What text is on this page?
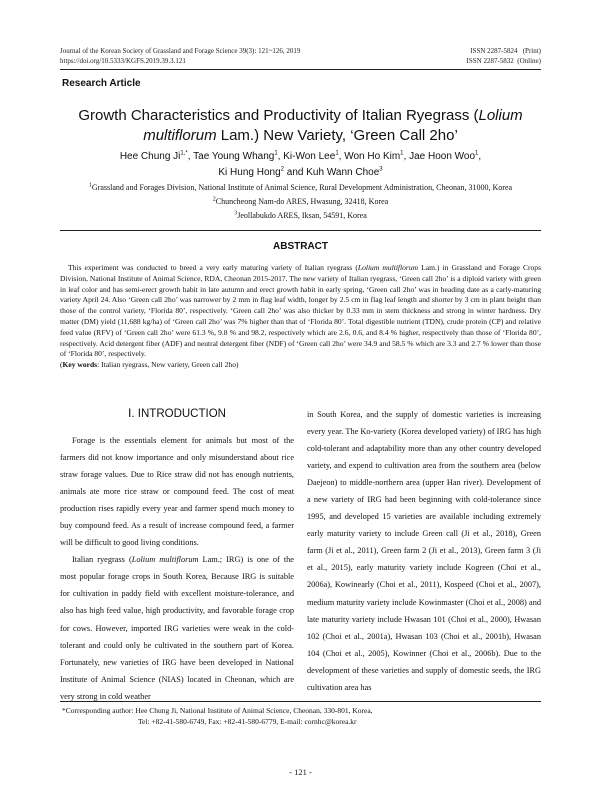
Journal of the Korean Society of Grassland and Forage Science 39(3): 121~126, 2019
https://doi.org/10.5333/KGFS.2019.39.3.121
ISSN 2287-5824   (Print)
ISSN 2287-5832  (Online)
Research Article
Growth Characteristics and Productivity of Italian Ryegrass (Lolium
multiflorum Lam.) New Variety, ‘Green Call 2ho’
Hee Chung $Ji^{1,*}$, Tae Young Whang$^1$, Ki-Won Lee$^1$, Won Ho Kim$^1$, Jae Hoon Woo$^1$,
Ki Hung Hong$^2$ and Kuh Wann Choe$^3$
$^1$Grassland and Forages Division, National Institute of Animal Science, Rural Development Administration, Cheonan, 31000, Korea
$^2$Chuncheong Nam-do ARES, Hwasung, 32418, Korea
$^3$Jeollabukdo ARES, Iksan, 54591, Korea
ABSTRACT

This experiment was conducted to breed a very early maturing variety of Italian ryegrass (Lolium multiflorum Lam.) in Grassland and Forage Crops Division, National Institute of Animal Science, RDA, Cheonan 2015-2017. The new variety of Italian ryegrass, ‘Green call 2ho’ is a diploid variety with green in leaf color and has semi-erect growth habit in late autumn and erect growth habit in early spring, ‘Green call 2ho’ was in heading date as a carly-maturing variety April 24. Also ‘Green call 2ho’ was narrower by 2 mm in flag leaf width, longer by 2.5 cm in flag leaf length and shorter by 3 cm in plant height than those of the control variety, ‘Florida 80’, respectively. ‘Green call 2ho’ was also thicker by 0.33 mm in stem thickness and strong in winter hardness. Dry matter (DM) yield (11,688 kg/ha) of ‘Green call 2ho’ was 7% higher than that of ‘Florida 80’. Total digestible nutrient (TDN), crude protein (CP) and relative feed value (RFV) of ‘Green call 2ho’ were 61.3 %, 9.8 % and 98.2, respectively which are 2.6, 0.6, and 8.4 % higher, respectively than those of ‘Florida 80’, respectively. Acid detergent fiber (ADF) and neutral detergent fiber (NDF) of ‘Green call 2ho’ were 34.9 and 58.5 % which are 3.3 and 2.7 % lower than those of ‘Florida 80’, respectively.

(Key words: Italian ryegrass, New variety, Green call 2ho)

Ⅰ. INTRODUCTION

Forage is the essentials element for animals but most of the farmers did not know importance and only misunderstand about rice straw forage values. Due to Rice straw did not has enough nutrients, animals ate more rice straw or compound feed. The cost of meat production rises rapidly every year and farmer spend much money to buy compound feed. As a result of increase compound feed, a farmer will be difficult to good living conditions.

Italian ryegrass (Lolium multiflorum Lam.; IRG) is one of the most popular forage crops in South Korea, Because IRG is suitable for cultivation in paddy field with excellent moisture-tolerance, and also has high feed value, high productivity, and favorable forage crop for cows. However, imported IRG varieties were weak in the cold-tolerant and could only be cultivated in the southern part of Korea. Fortunately, new varieties of IRG have been developed in National Institute of Animal Science (NIAS) located in Cheonan, which are very strong in cold weather

in South Korea, and the supply of domestic varieties is increasing every year. The Ko-variety (Korea developed variety) of IRG has high cold-tolerant and adaptability more than any other country developed variety, and expend to cultivation area from the southern area (below Daejeon) to middle-northern area (upper Han river). Development of a new variety of IRG had been beginning with cold-tolerance since 1995, and developed 15 varieties are available including extremely early maturity variety to include Green call (Ji et al., 2018), Green farm (Ji et al., 2011), Green farm 2 (Ji et al., 2013), Green farm 3 (Ji et al., 2015), early maturity variety include Kogreen (Choi et al., 2006a), Kowinearly (Choi et al., 2011), Kospeed (Choi et al., 2007), medium maturity variety include Kowinmaster (Choi et al., 2008) and late maturity variety include Hwasan 101 (Choi et al., 2000), Hwasan 102 (Choi et al., 2001a), Hwasan 103 (Choi et al., 2001b), Hwasan 104 (Choi et al., 2005), Kowinner (Choi et al., 2006b). Due to the development of these varieties and supply of domestic seeds, the IRG cultivation area has

*Corresponding author: Hee Chung Ji, National Institute of Animal Science, Cheonan, 330-801, Korea,
Tel: +82-41-580-6749, Fax: +82-41-580-6779, E-mail: cornhc@korea.kr
- 121 -
